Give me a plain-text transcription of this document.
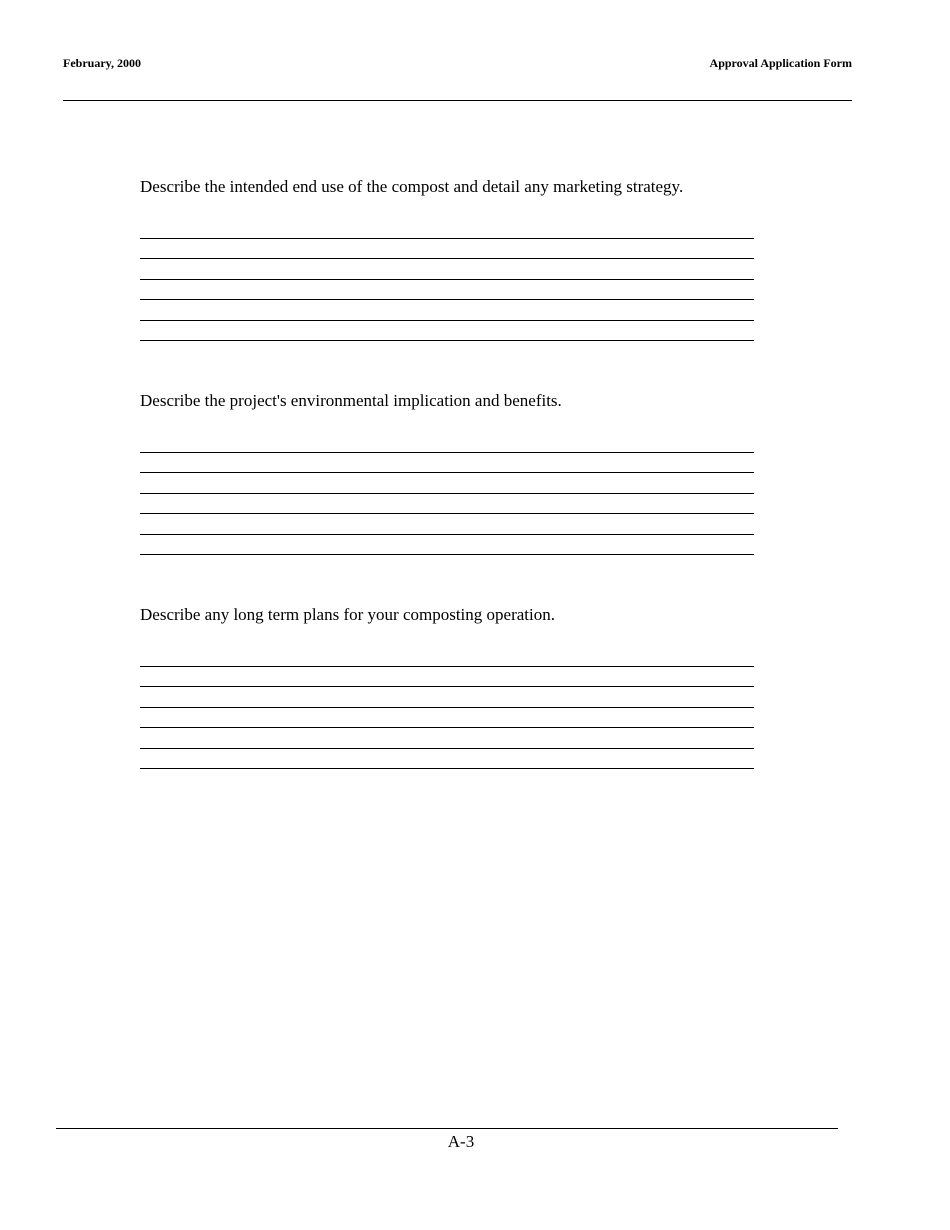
February, 2000	Approval Application Form
Describe the intended end use of the compost and detail any marketing strategy.
Describe the project's environmental implication and benefits.
Describe any long term plans for your composting operation.
A-3
